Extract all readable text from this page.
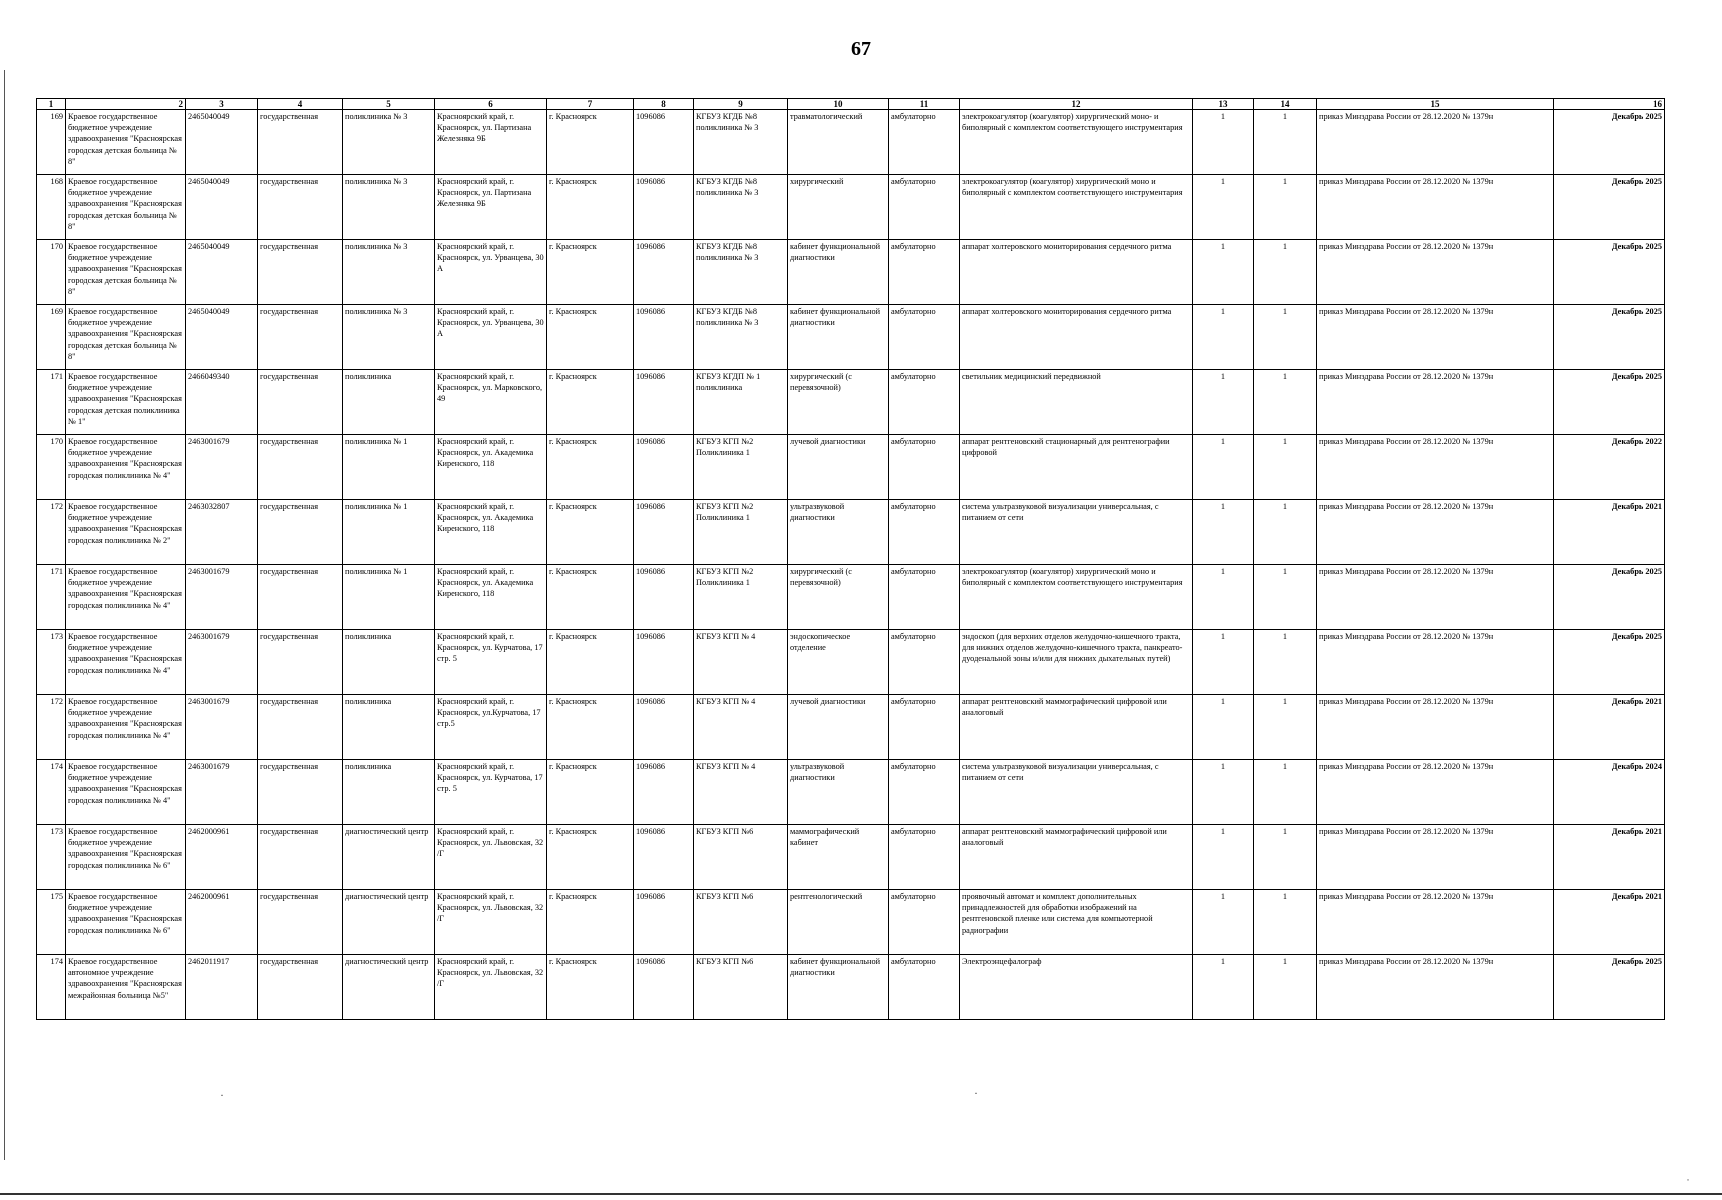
67
1	2	3	4	5	6	7	8	9	10	11	12	13	14	15	16
169	Краевое государственное бюджетное учреждение здравоохранения "Красноярская городская детская больница № 8"	2465040049	государственная	поликлиника № 3	Красноярский край, г. Красноярск, ул. Партизана Железняка 9Б	г. Красноярск	1096086	КГБУЗ КГДБ №8 поликлиника № 3	травматологический	амбулаторно	электрокоагулятор (коагулятор) хирургический моно- и биполярный с комплектом соответствующего инструментария	1	1	приказ Минздрава России от 28.12.2020 № 1379н	Декабрь 2025
168	Краевое государственное бюджетное учреждение здравоохранения "Красноярская городская детская больница № 8"	2465040049	государственная	поликлиника № 3	Красноярский край, г. Красноярск, ул. Партизана Железняка 9Б	г. Красноярск	1096086	КГБУЗ КГДБ №8 поликлиника № 3	хирургический	амбулаторно	электрокоагулятор (коагулятор) хирургический моно и биполярный с комплектом соответствующего инструментария	1	1	приказ Минздрава России от 28.12.2020 № 1379н	Декабрь 2025
170	Краевое государственное бюджетное учреждение здравоохранения "Красноярская городская детская больница № 8"	2465040049	государственная	поликлиника № 3	Красноярский край, г. Красноярск, ул. Урванцева, 30 А	г. Красноярск	1096086	КГБУЗ КГДБ №8 поликлиника № 3	кабинет функциональной диагностики	амбулаторно	аппарат холтеровского мониторирования сердечного ритма	1	1	приказ Минздрава России от 28.12.2020 № 1379н	Декабрь 2025
169	Краевое государственное бюджетное учреждение здравоохранения "Красноярская городская детская больница № 8"	2465040049	государственная	поликлиника № 3	Красноярский край, г. Красноярск, ул. Урванцева, 30 А	г. Красноярск	1096086	КГБУЗ КГДБ №8 поликлиника № 3	кабинет функциональной диагностики	амбулаторно	аппарат холтеровского мониторирования сердечного ритма	1	1	приказ Минздрава России от 28.12.2020 № 1379н	Декабрь 2025
171	Краевое государственное бюджетное учреждение здравоохранения "Красноярская городская детская поликлиника № 1"	2466049340	государственная	поликлиника	Красноярский край, г. Красноярск, ул. Марковского, 49	г. Красноярск	1096086	КГБУЗ КГДП № 1 поликлиника	хирургический (с перевязочной)	амбулаторно	светильник медицинский передвижной	1	1	приказ Минздрава России от 28.12.2020 № 1379н	Декабрь 2025
170	Краевое государственное бюджетное учреждение здравоохранения "Красноярская городская поликлиника № 4"	2463001679	государственная	поликлиника № 1	Красноярский край, г. Красноярск, ул. Академика Киренского, 118	г. Красноярск	1096086	КГБУЗ КГП №2 Поликлиника 1	лучевой диагностики	амбулаторно	аппарат рентгеновский стационарный для рентгенографии цифровой	1	1	приказ Минздрава России от 28.12.2020 № 1379н	Декабрь 2022
172	Краевое государственное бюджетное учреждение здравоохранения "Красноярская городская поликлиника № 2"	2463032807	государственная	поликлиника № 1	Красноярский край, г. Красноярск, ул. Академика Киренского, 118	г. Красноярск	1096086	КГБУЗ КГП №2 Поликлиника 1	ультразвуковой диагностики	амбулаторно	система ультразвуковой визуализации универсальная, с питанием от сети	1	1	приказ Минздрава России от 28.12.2020 № 1379н	Декабрь 2021
171	Краевое государственное бюджетное учреждение здравоохранения "Красноярская городская поликлиника № 4"	2463001679	государственная	поликлиника № 1	Красноярский край, г. Красноярск, ул. Академика Киренского, 118	г. Красноярск	1096086	КГБУЗ КГП №2 Поликлиника 1	хирургический (с перевязочной)	амбулаторно	электрокоагулятор (коагулятор) хирургический моно и биполярный с комплектом соответствующего инструментария	1	1	приказ Минздрава России от 28.12.2020 № 1379н	Декабрь 2025
173	Краевое государственное бюджетное учреждение здравоохранения "Красноярская городская поликлиника № 4"	2463001679	государственная	поликлиника	Красноярский край, г. Красноярск, ул. Курчатова, 17 стр. 5	г. Красноярск	1096086	КГБУЗ КГП № 4	эндоскопическое отделение	амбулаторно	эндоскоп (для верхних отделов желудочно-кишечного тракта, для нижних отделов желудочно-кишечного тракта, панкреато-дуоденальной зоны и/или для нижних дыхательных путей)	1	1	приказ Минздрава России от 28.12.2020 № 1379н	Декабрь 2025
172	Краевое государственное бюджетное учреждение здравоохранения "Красноярская городская поликлиника № 4"	2463001679	государственная	поликлиника	Красноярский край, г. Красноярск, ул.Курчатова, 17 стр.5	г. Красноярск	1096086	КГБУЗ КГП № 4	лучевой диагностики	амбулаторно	аппарат рентгеновский маммографический цифровой или аналоговый	1	1	приказ Минздрава России от 28.12.2020 № 1379н	Декабрь 2021
174	Краевое государственное бюджетное учреждение здравоохранения "Красноярская городская поликлиника № 4"	2463001679	государственная	поликлиника	Красноярский край, г. Красноярск, ул. Курчатова, 17 стр. 5	г. Красноярск	1096086	КГБУЗ КГП № 4	ультразвуковой диагностики	амбулаторно	система ультразвуковой визуализации универсальная, с питанием от сети	1	1	приказ Минздрава России от 28.12.2020 № 1379н	Декабрь 2024
173	Краевое государственное бюджетное учреждение здравоохранения "Красноярская городская поликлиника № 6"	2462000961	государственная	диагностический центр	Красноярский край, г. Красноярск, ул. Львовская, 32 /Г	г. Красноярск	1096086	КГБУЗ КГП №6	маммографический кабинет	амбулаторно	аппарат рентгеновский маммографический цифровой или аналоговый	1	1	приказ Минздрава России от 28.12.2020 № 1379н	Декабрь 2021
175	Краевое государственное бюджетное учреждение здравоохранения "Красноярская городская поликлиника № 6"	2462000961	государственная	диагностический центр	Красноярский край, г. Красноярск, ул. Львовская, 32 /Г	г. Красноярск	1096086	КГБУЗ КГП №6	рентгенологический	амбулаторно	проявочный автомат и комплект дополнительных принадлежностей для обработки изображений на рентгеновской пленке или система для компьютерной радиографии	1	1	приказ Минздрава России от 28.12.2020 № 1379н	Декабрь 2021
174	Краевое государственное автономное учреждение здравоохранения "Красноярская межрайонная больница №5"	2462011917	государственная	диагностический центр	Красноярский край, г. Красноярск, ул. Львовская, 32 /Г	г. Красноярск	1096086	КГБУЗ КГП №6	кабинет функциональной диагностики	амбулаторно	Электроэнцефалограф	1	1	приказ Минздрава России от 28.12.2020 № 1379н	Декабрь 2025
·	·
˙
